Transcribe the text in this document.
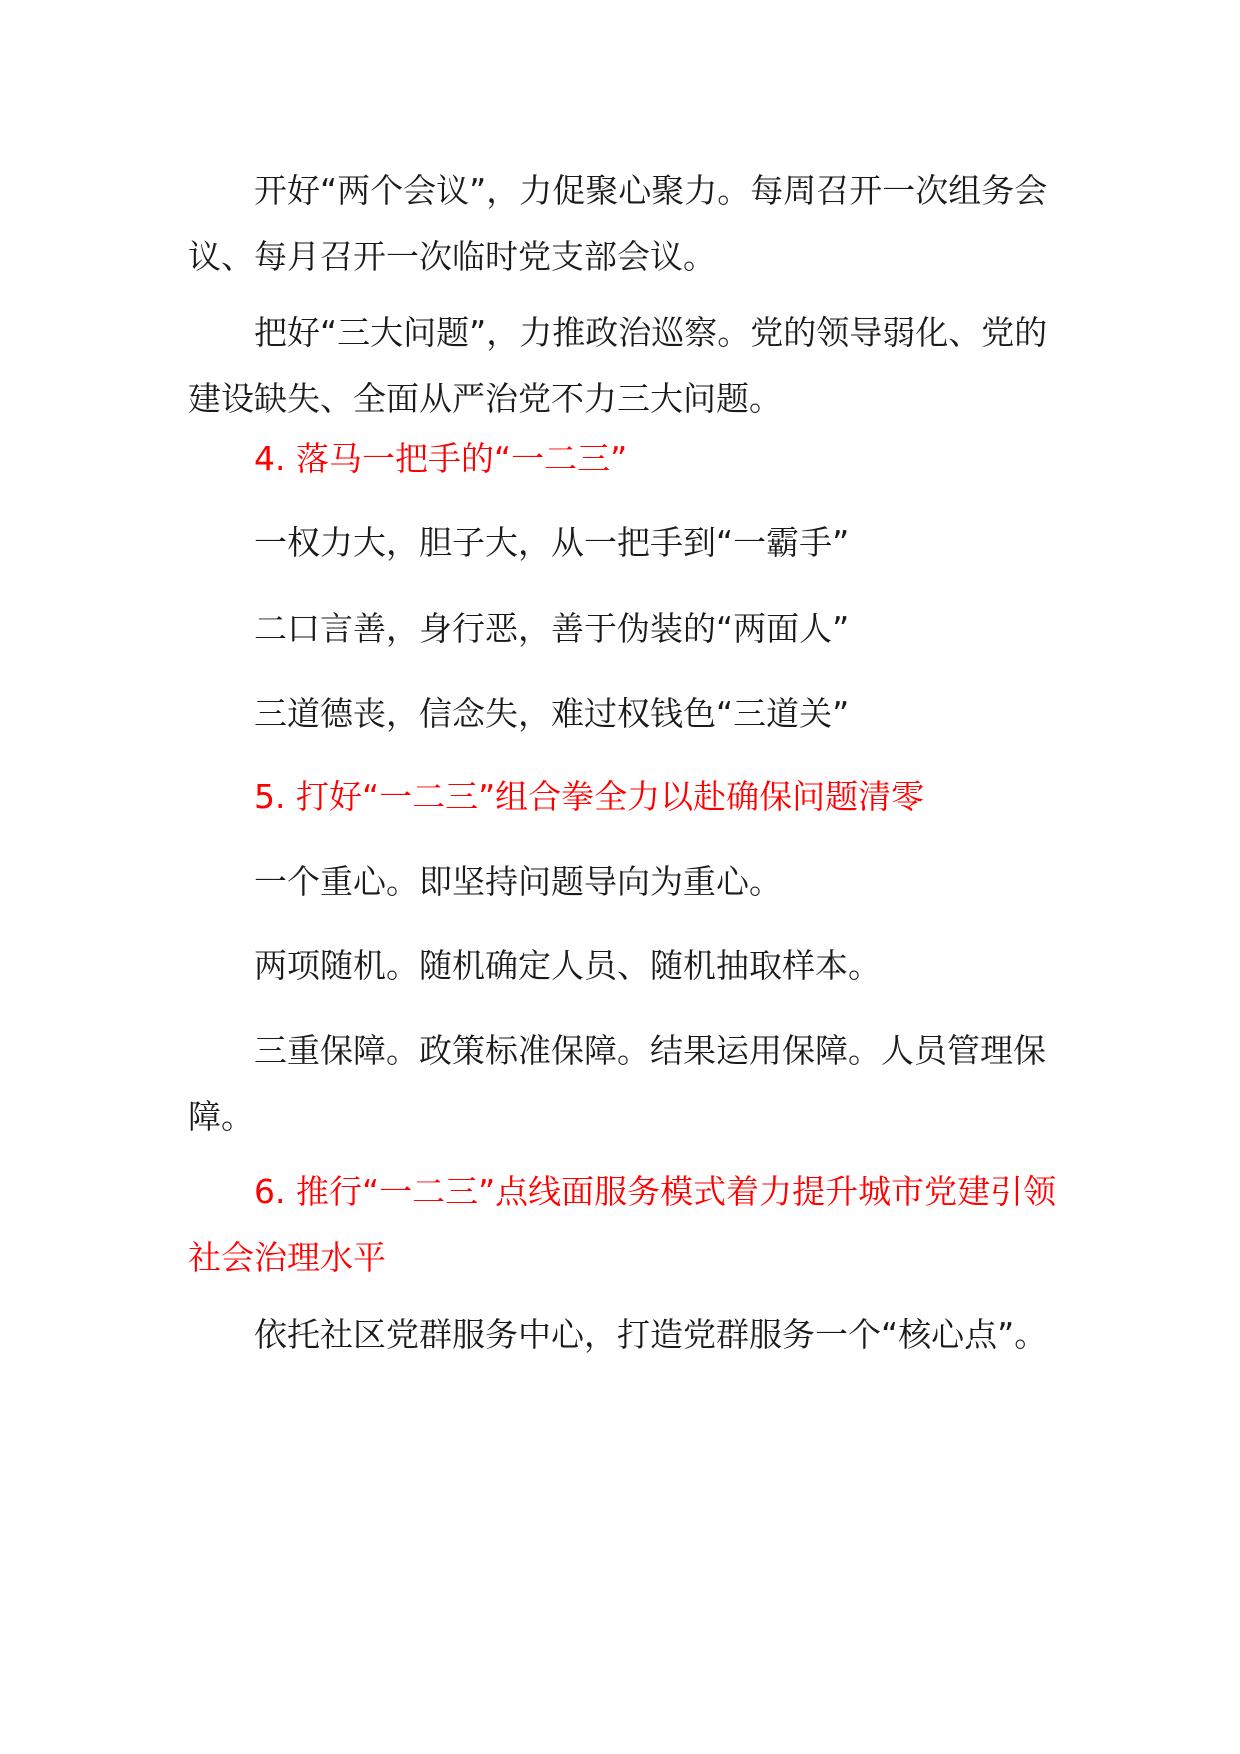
开好“两个会议”，力促聚心聚力。每周召开一次组务会议、每月召开一次临时党支部会议。

把好“三大问题”，力推政治巡察。党的领导弱化、党的建设缺失、全面从严治党不力三大问题。

4. 落马一把手的“一二三”

一权力大，胆子大，从一把手到“一霸手”

二口言善，身行恶，善于伪装的“两面人”

三道德丧，信念失，难过权钱色“三道关”

5. 打好“一二三”组合拳全力以赴确保问题清零

一个重心。即坚持问题导向为重心。

两项随机。随机确定人员、随机抽取样本。

三重保障。政策标准保障。结果运用保障。人员管理保障。

6. 推行“一二三”点线面服务模式着力提升城市党建引领社会治理水平

依托社区党群服务中心，打造党群服务一个“核心点”。
